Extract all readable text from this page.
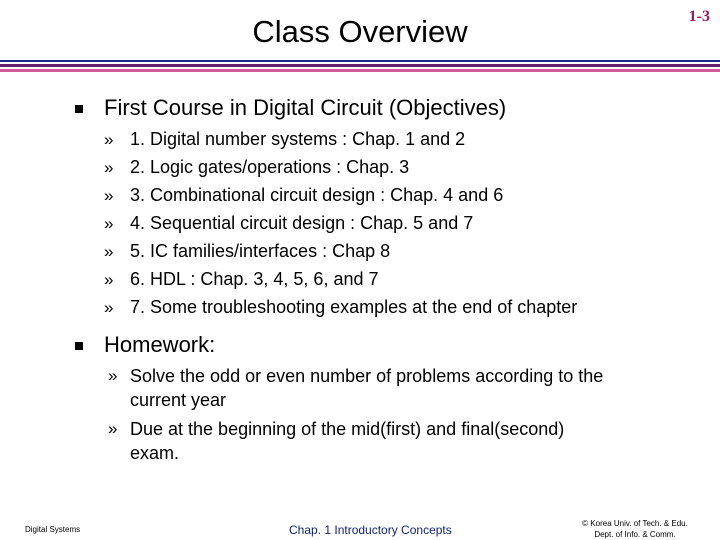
Class Overview	1-3
First Course in Digital Circuit (Objectives)
» 1. Digital number systems : Chap. 1 and 2
» 2. Logic gates/operations : Chap. 3
» 3. Combinational circuit design : Chap. 4 and 6
» 4. Sequential circuit design : Chap. 5 and 7
» 5. IC families/interfaces : Chap 8
» 6. HDL : Chap. 3, 4, 5, 6, and 7
» 7. Some troubleshooting examples at the end of chapter
Homework:
» Solve the odd or even number of problems according to the
current year
» Due at the beginning of the mid(first) and final(second)
exam.
Digital Systems	Chap. 1 Introductory Concepts	© Korea Univ. of Tech. & Edu.
Dept. of Info. & Comm.
